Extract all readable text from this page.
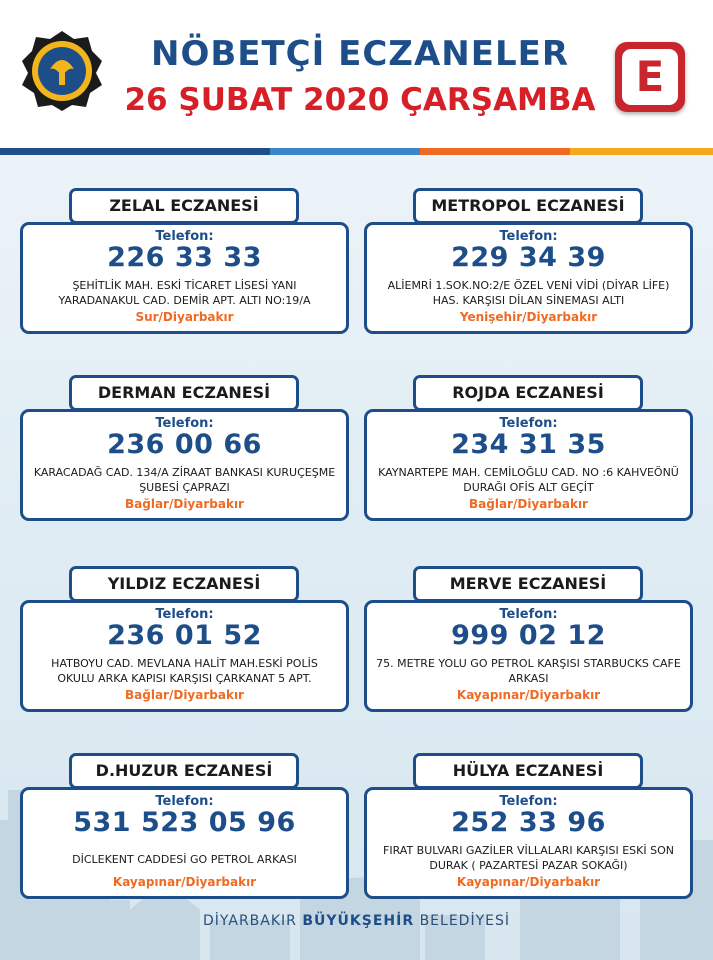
NÖBETÇİ ECZANELER
26 ŞUBAT 2020 ÇARŞAMBA E
Telefon:
226 33 33
ŞEHİTLİK MAH. ESKİ TİCARET LİSESİ YANI YARADANAKUL CAD. DEMİR APT. ALTI NO:19/A
Sur/Diyarbakır
ZELAL ECZANESİ
Telefon:
229 34 39
ALİEMRİ 1.SOK.NO:2/E ÖZEL VENİ VİDİ (DİYAR LİFE) HAS. KARŞISI DİLAN SİNEMASI ALTI
Yenişehir/Diyarbakır
METROPOL ECZANESİ
Telefon:
236 00 66
KARACADAĞ CAD. 134/A ZİRAAT BANKASI KURUÇEŞME ŞUBESİ ÇAPRAZI
Bağlar/Diyarbakır
DERMAN ECZANESİ
Telefon:
234 31 35
KAYNARTEPE MAH. CEMİLOĞLU CAD. NO :6 KAHVEÖNÜ DURAĞI OFİS ALT GEÇİT
Bağlar/Diyarbakır
ROJDA ECZANESİ
Telefon:
236 01 52
HATBOYU CAD. MEVLANA HALİT MAH.ESKİ POLİS OKULU ARKA KAPISI KARŞISI ÇARKANAT 5 APT.
Bağlar/Diyarbakır
YILDIZ ECZANESİ
Telefon:
999 02 12
75. METRE YOLU GO PETROL KARŞISI STARBUCKS CAFE ARKASI
Kayapınar/Diyarbakır
MERVE ECZANESİ
Telefon:
531 523 05 96
DİCLEKENT CADDESİ GO PETROL ARKASI
Kayapınar/Diyarbakır
D.HUZUR ECZANESİ
Telefon:
252 33 96
FIRAT BULVARI GAZİLER VİLLALARI KARŞISI ESKİ SON DURAK ( PAZARTESİ PAZAR SOKAĞI)
Kayapınar/Diyarbakır
HÜLYA ECZANESİ
DİYARBAKIR BÜYÜKŞEHİR BELEDİYESİ
